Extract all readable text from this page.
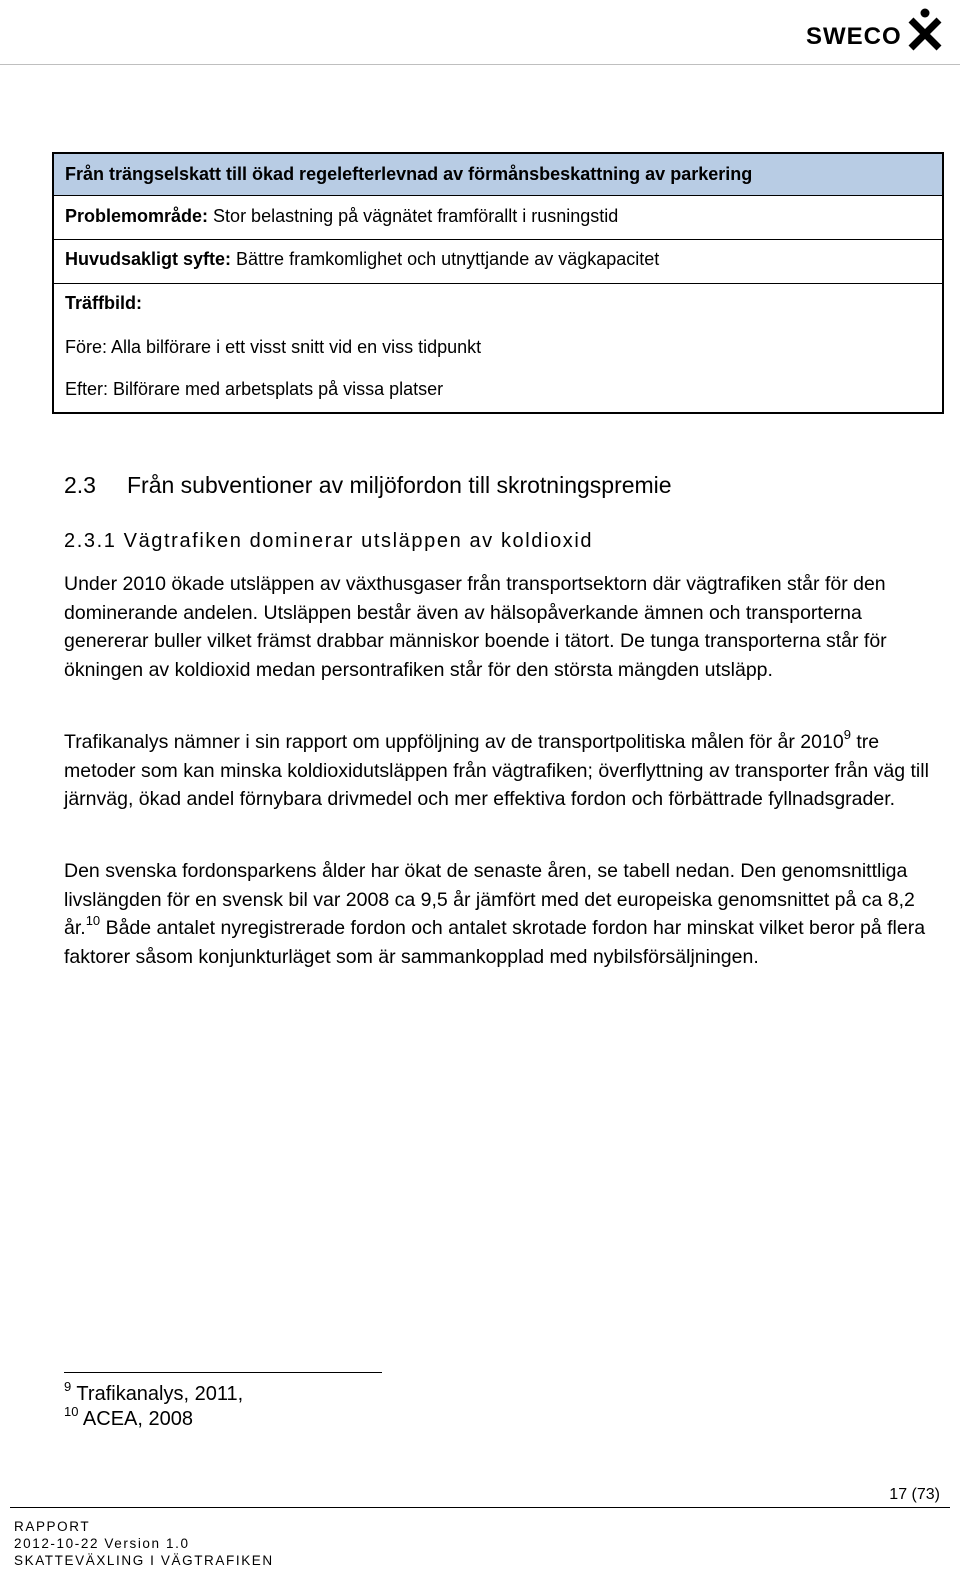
SWECO
Från trängselskatt till ökad regelefterlevnad av förmånsbeskattning av parkering
Problemområde: Stor belastning på vägnätet framförallt i rusningstid
Huvudsakligt syfte: Bättre framkomlighet och utnyttjande av vägkapacitet
Träffbild:
Före: Alla bilförare i ett visst snitt vid en viss tidpunkt
Efter: Bilförare med arbetsplats på vissa platser
2.3 Från subventioner av miljöfordon till skrotningspremie
2.3.1 Vägtrafiken dominerar utsläppen av koldioxid

Under 2010 ökade utsläppen av växthusgaser från transportsektorn där vägtrafiken står för den dominerande andelen. Utsläppen består även av hälsopåverkande ämnen och transporterna genererar buller vilket främst drabbar människor boende i tätort. De tunga transporterna står för ökningen av koldioxid medan persontrafiken står för den största mängden utsläpp.

Trafikanalys nämner i sin rapport om uppföljning av de transportpolitiska målen för år 2010$^9$ tre metoder som kan minska koldioxidutsläppen från vägtrafiken; överflyttning av transporter från väg till järnväg, ökad andel förnybara drivmedel och mer effektiva fordon och förbättrade fyllnadsgrader.

Den svenska fordonsparkens ålder har ökat de senaste åren, se tabell nedan. Den genomsnittliga livslängden för en svensk bil var 2008 ca 9,5 år jämfört med det europeiska genomsnittet på ca 8,2 år.$^{10}$ Både antalet nyregistrerade fordon och antalet skrotade fordon har minskat vilket beror på flera faktorer såsom konjunkturläget som är sammankopplad med nybilsförsäljningen.

$^9$ Trafikanalys, 2011,
$^{10}$ ACEA, 2008
17 (73)
RAPPORT
2012-10-22 Version 1.0
SKATTEVÄXLING I VÄGTRAFIKEN
